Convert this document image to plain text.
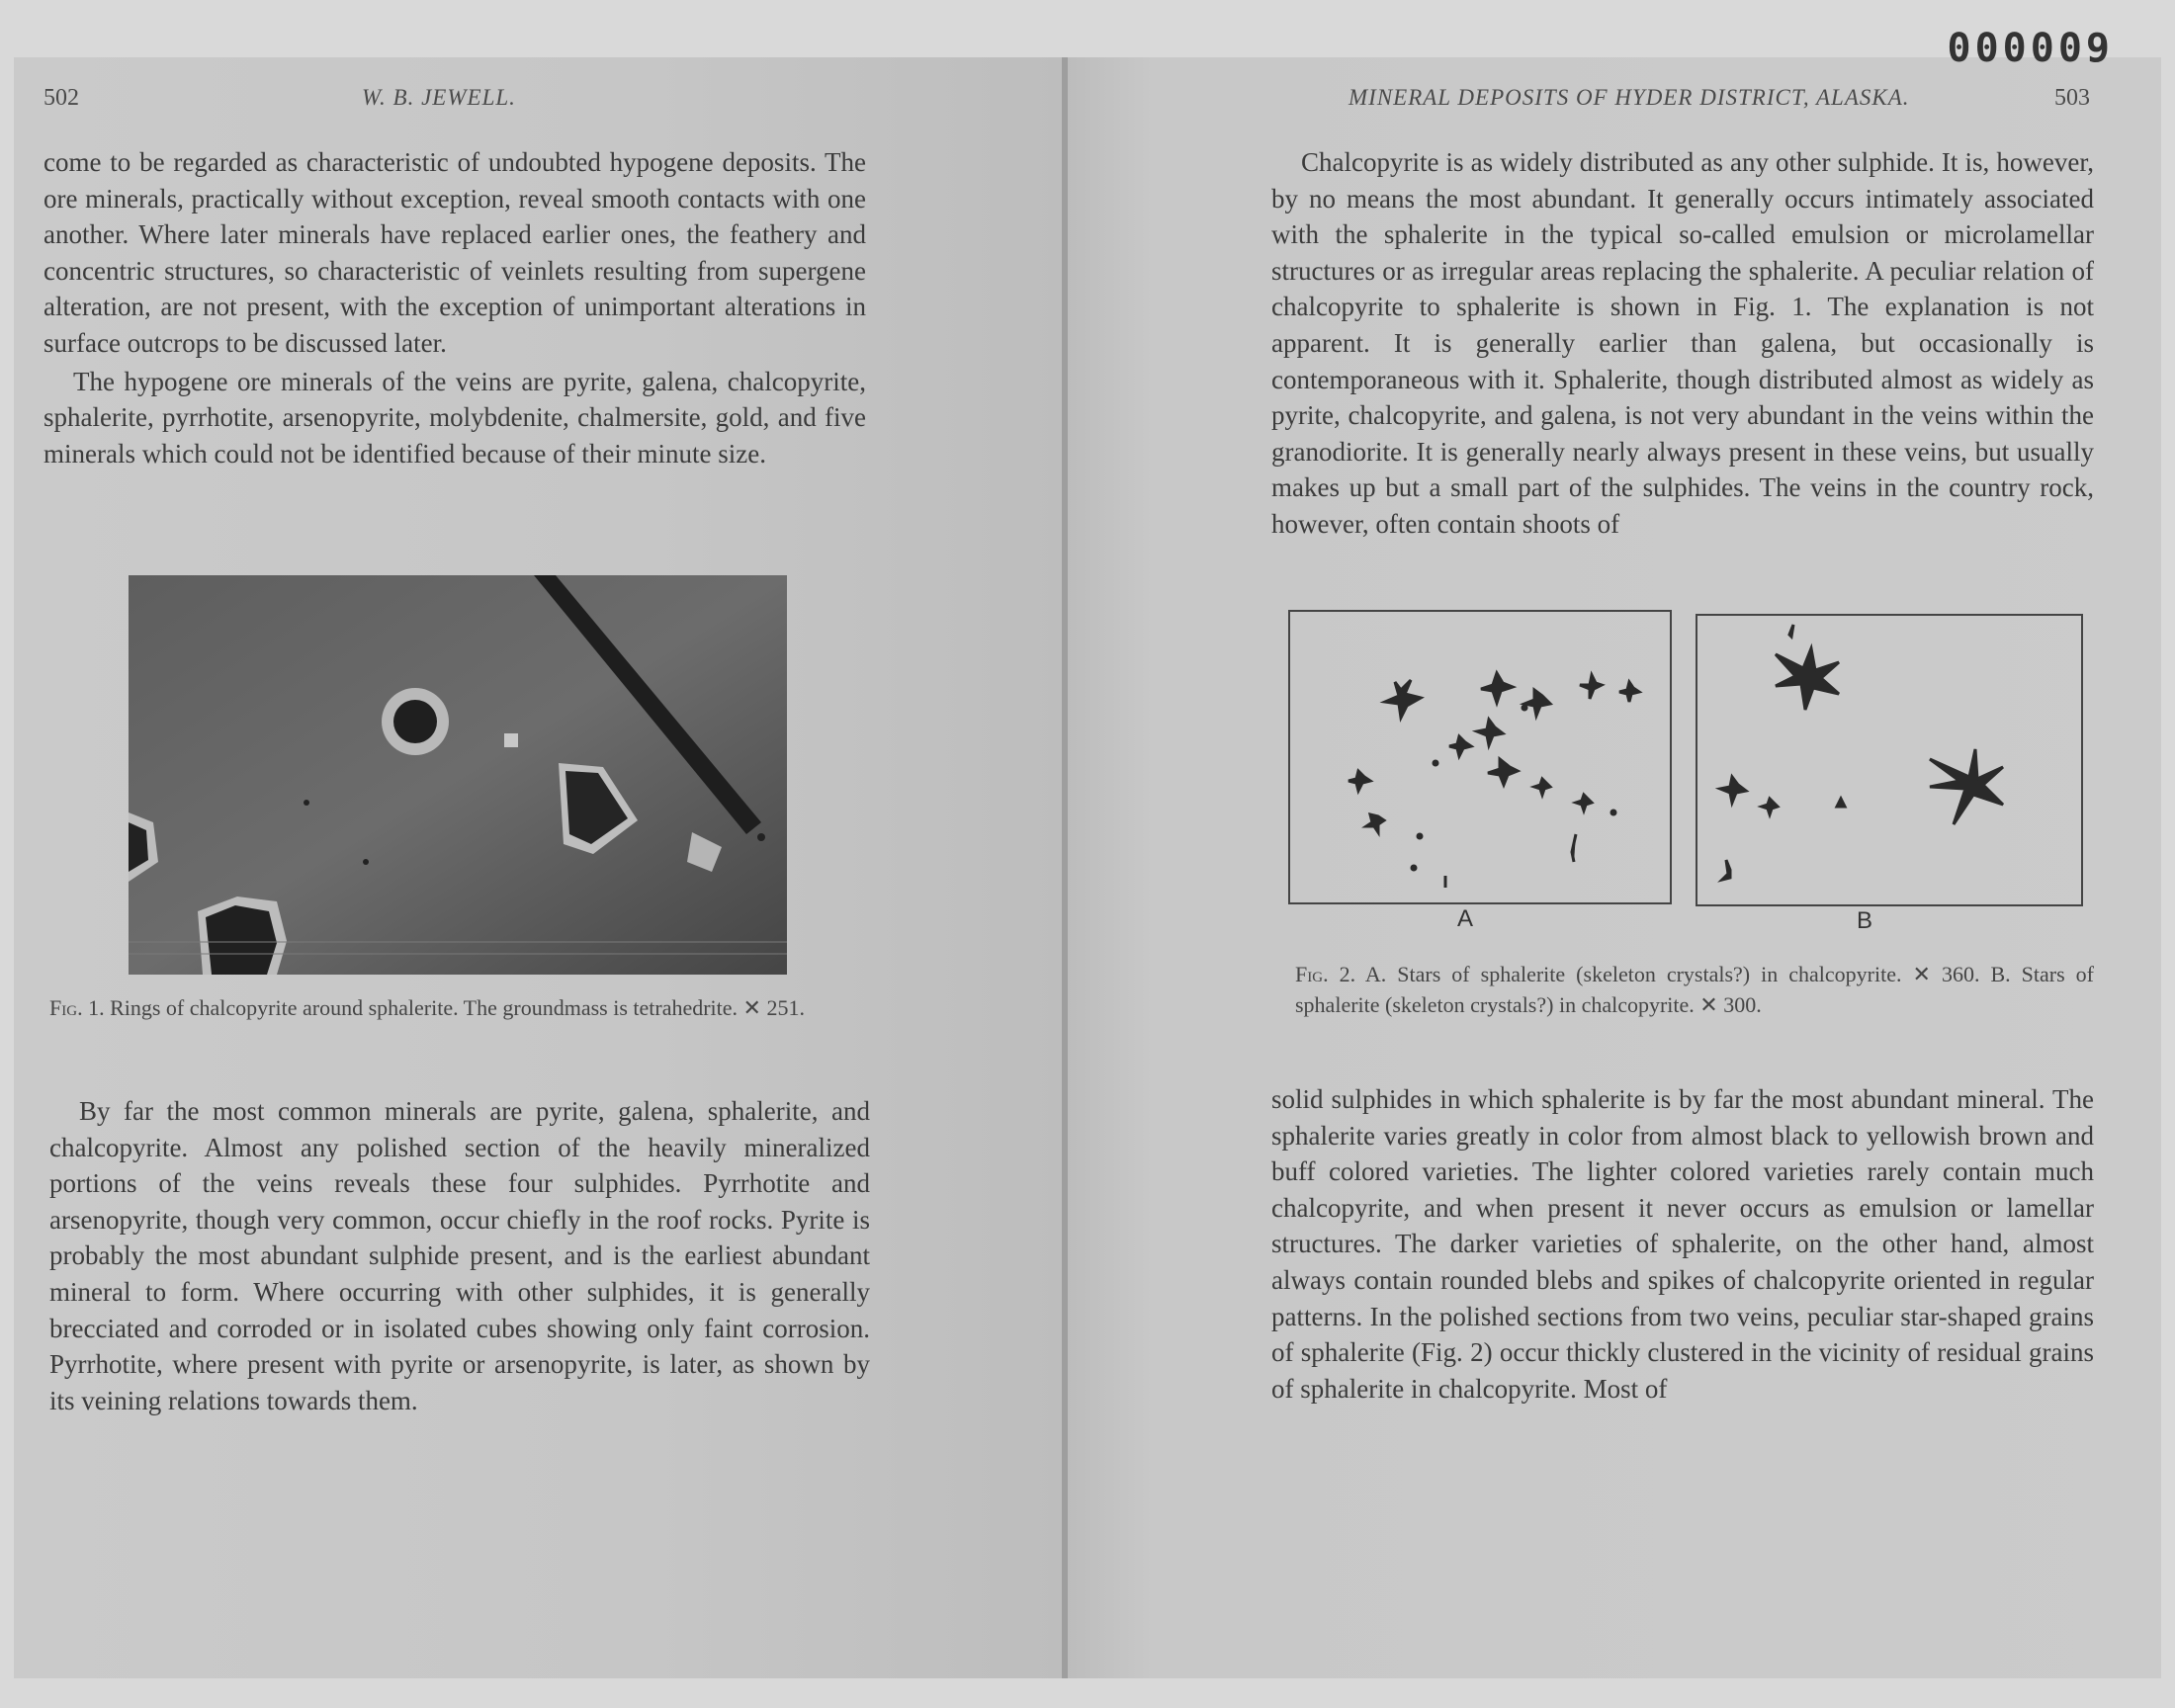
000009
502	W. B. JEWELL.

come to be regarded as characteristic of undoubted hypogene deposits. The ore minerals, practically without exception, reveal smooth contacts with one another. Where later minerals have replaced earlier ones, the feathery and concentric structures, so characteristic of veinlets resulting from supergene alteration, are not present, with the exception of unimportant alterations in surface outcrops to be discussed later.

The hypogene ore minerals of the veins are pyrite, galena, chalcopyrite, sphalerite, pyrrhotite, arsenopyrite, molybdenite, chalmersite, gold, and five minerals which could not be identified because of their minute size.

Fig. 1. Rings of chalcopyrite around sphalerite. The groundmass is tetrahedrite. ✕ 251.

By far the most common minerals are pyrite, galena, sphalerite, and chalcopyrite. Almost any polished section of the heavily mineralized portions of the veins reveals these four sulphides. Pyrrhotite and arsenopyrite, though very common, occur chiefly in the roof rocks. Pyrite is probably the most abundant sulphide present, and is the earliest abundant mineral to form. Where occurring with other sulphides, it is generally brecciated and corroded or in isolated cubes showing only faint corrosion. Pyrrhotite, where present with pyrite or arsenopyrite, is later, as shown by its veining relations towards them.

MINERAL DEPOSITS OF HYDER DISTRICT, ALASKA.	503

Chalcopyrite is as widely distributed as any other sulphide. It is, however, by no means the most abundant. It generally occurs intimately associated with the sphalerite in the typical so-called emulsion or microlamellar structures or as irregular areas replacing the sphalerite. A peculiar relation of chalcopyrite to sphalerite is shown in Fig. 1. The explanation is not apparent. It is generally earlier than galena, but occasionally is contemporaneous with it. Sphalerite, though distributed almost as widely as pyrite, chalcopyrite, and galena, is not very abundant in the veins within the granodiorite. It is generally nearly always present in these veins, but usually makes up but a small part of the sulphides. The veins in the country rock, however, often contain shoots of

A	B
Fig. 2. A. Stars of sphalerite (skeleton crystals?) in chalcopyrite. ✕ 360. B. Stars of sphalerite (skeleton crystals?) in chalcopyrite. ✕ 300.

solid sulphides in which sphalerite is by far the most abundant mineral. The sphalerite varies greatly in color from almost black to yellowish brown and buff colored varieties. The lighter colored varieties rarely contain much chalcopyrite, and when present it never occurs as emulsion or lamellar structures. The darker varieties of sphalerite, on the other hand, almost always contain rounded blebs and spikes of chalcopyrite oriented in regular patterns. In the polished sections from two veins, peculiar star-shaped grains of sphalerite (Fig. 2) occur thickly clustered in the vicinity of residual grains of sphalerite in chalcopyrite. Most of
